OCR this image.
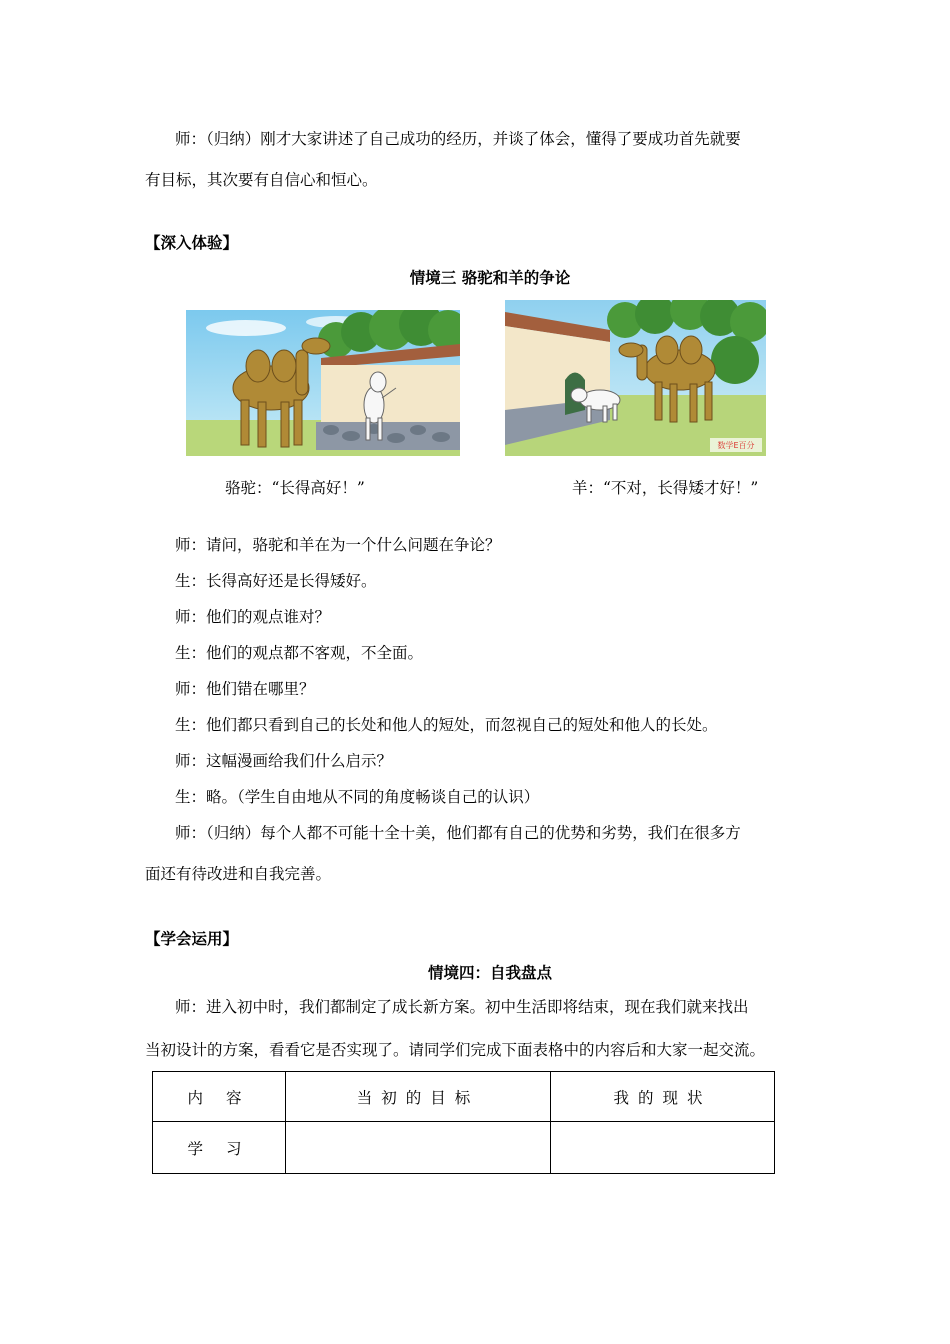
师：（归纳）刚才大家讲述了自己成功的经历，并谈了体会，懂得了要成功首先就要
有目标，其次要有自信心和恒心。
【深入体验】
情境三 骆驼和羊的争论
数学E百分
骆驼：“长得高好！”	羊：“不对，长得矮才好！”
师：请问，骆驼和羊在为一个什么问题在争论？
生：长得高好还是长得矮好。
师：他们的观点谁对？
生：他们的观点都不客观，不全面。
师：他们错在哪里？
生：他们都只看到自己的长处和他人的短处，而忽视自己的短处和他人的长处。
师：这幅漫画给我们什么启示？
生：略。（学生自由地从不同的角度畅谈自己的认识）
师：（归纳）每个人都不可能十全十美，他们都有自己的优势和劣势，我们在很多方
面还有待改进和自我完善。
【学会运用】
情境四：自我盘点
师：进入初中时，我们都制定了成长新方案。初中生活即将结束，现在我们就来找出
当初设计的方案，看看它是否实现了。请同学们完成下面表格中的内容后和大家一起交流。
内 容	当初的目标	我的现状
学 习		
